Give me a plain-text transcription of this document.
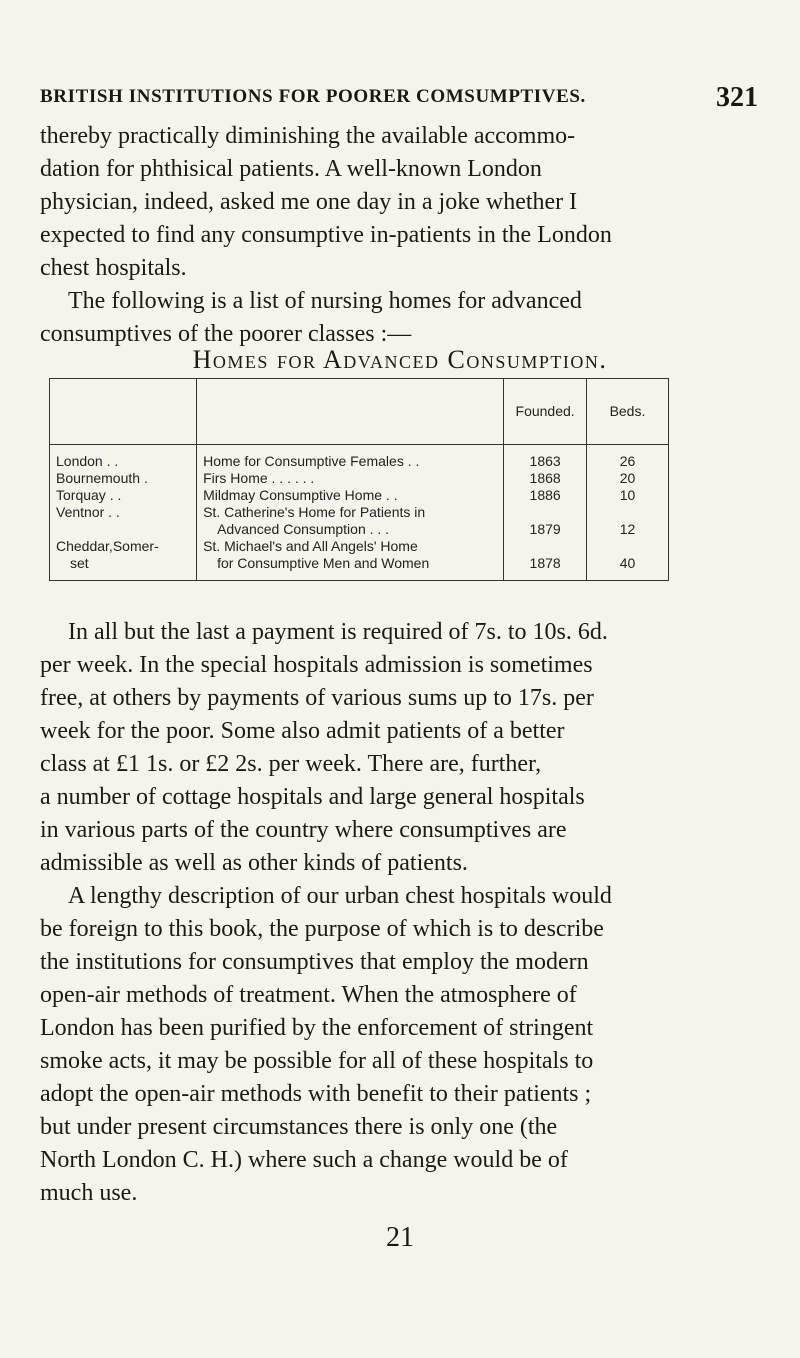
BRITISH INSTITUTIONS FOR POORER COMSUMPTIVES.	321
thereby practically diminishing the available accommo-
dation for phthisical patients. A well-known London
physician, indeed, asked me one day in a joke whether I
expected to find any consumptive in-patients in the London
chest hospitals.
The following is a list of nursing homes for advanced
consumptives of the poorer classes :—
Homes for Advanced Consumption.
		Founded.	Beds.
London . .	Home for Consumptive Females . .	1863	26
Bournemouth .	Firs Home . . . . . .	1868	20
Torquay . .	Mildmay Consumptive Home . .	1886	10
Ventnor . .	St. Catherine's Home for Patients in		
	Advanced Consumption . . .	1879	12
Cheddar,Somer-	St. Michael's and All Angels' Home		
set	for Consumptive Men and Women	1878	40
In all but the last a payment is required of 7s. to 10s. 6d.
per week. In the special hospitals admission is sometimes
free, at others by payments of various sums up to 17s. per
week for the poor. Some also admit patients of a better
class at £1 1s. or £2 2s. per week. There are, further,
a number of cottage hospitals and large general hospitals
in various parts of the country where consumptives are
admissible as well as other kinds of patients.
A lengthy description of our urban chest hospitals would
be foreign to this book, the purpose of which is to describe
the institutions for consumptives that employ the modern
open-air methods of treatment. When the atmosphere of
London has been purified by the enforcement of stringent
smoke acts, it may be possible for all of these hospitals to
adopt the open-air methods with benefit to their patients ;
but under present circumstances there is only one (the
North London C. H.) where such a change would be of
much use.
21
